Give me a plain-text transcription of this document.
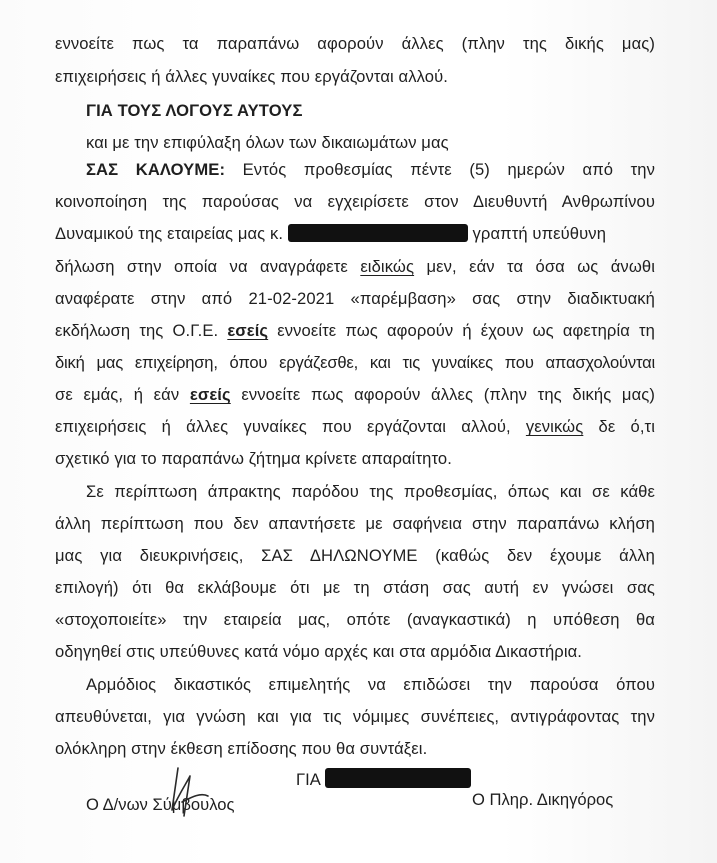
εννοείτε πως τα παραπάνω αφορούν άλλες (πλην της δικής μας)
επιχειρήσεις ή άλλες γυναίκες που εργάζονται αλλού.
ΓΙΑ ΤΟΥΣ ΛΟΓΟΥΣ ΑΥΤΟΥΣ
και με την επιφύλαξη όλων των δικαιωμάτων μας
ΣΑΣ ΚΑΛΟΥΜΕ: Εντός προθεσμίας πέντε (5) ημερών από την
κοινοποίηση της παρούσας να εγχειρίσετε στον Διευθυντή Ανθρωπίνου
Δυναμικού της εταιρείας μας κ.	γραπτή υπεύθυνη
δήλωση στην οποία να αναγράφετε ειδικώς μεν, εάν τα όσα ως άνωθι
αναφέρατε στην από 21-02-2021 «παρέμβαση» σας στην διαδικτυακή
εκδήλωση της Ο.Γ.Ε. εσείς εννοείτε πως αφορούν ή έχουν ως αφετηρία τη
δική μας επιχείρηση, όπου εργάζεσθε, και τις γυναίκες που απασχολούνται
σε εμάς, ή εάν εσείς εννοείτε πως αφορούν άλλες (πλην της δικής μας)
επιχειρήσεις ή άλλες γυναίκες που εργάζονται αλλού, γενικώς δε ό,τι
σχετικό για το παραπάνω ζήτημα κρίνετε απαραίτητο.
Σε περίπτωση άπρακτης παρόδου της προθεσμίας, όπως και σε κάθε
άλλη περίπτωση που δεν απαντήσετε με σαφήνεια στην παραπάνω κλήση
μας για διευκρινήσεις, ΣΑΣ ΔΗΛΩΝΟΥΜΕ (καθώς δεν έχουμε άλλη
επιλογή) ότι θα εκλάβουμε ότι με τη στάση σας αυτή εν γνώσει σας
«στοχοποιείτε» την εταιρεία μας, οπότε (αναγκαστικά) η υπόθεση θα
οδηγηθεί στις υπεύθυνες κατά νόμο αρχές και στα αρμόδια Δικαστήρια.
Αρμόδιος δικαστικός επιμελητής να επιδώσει την παρούσα όπου
απευθύνεται, για γνώση και για τις νόμιμες συνέπειες, αντιγράφοντας την
ολόκληρη στην έκθεση επίδοσης που θα συντάξει.
ΓΙΑ
Ο Δ/νων Σύμβουλος	Ο Πληρ. Δικηγόρος
